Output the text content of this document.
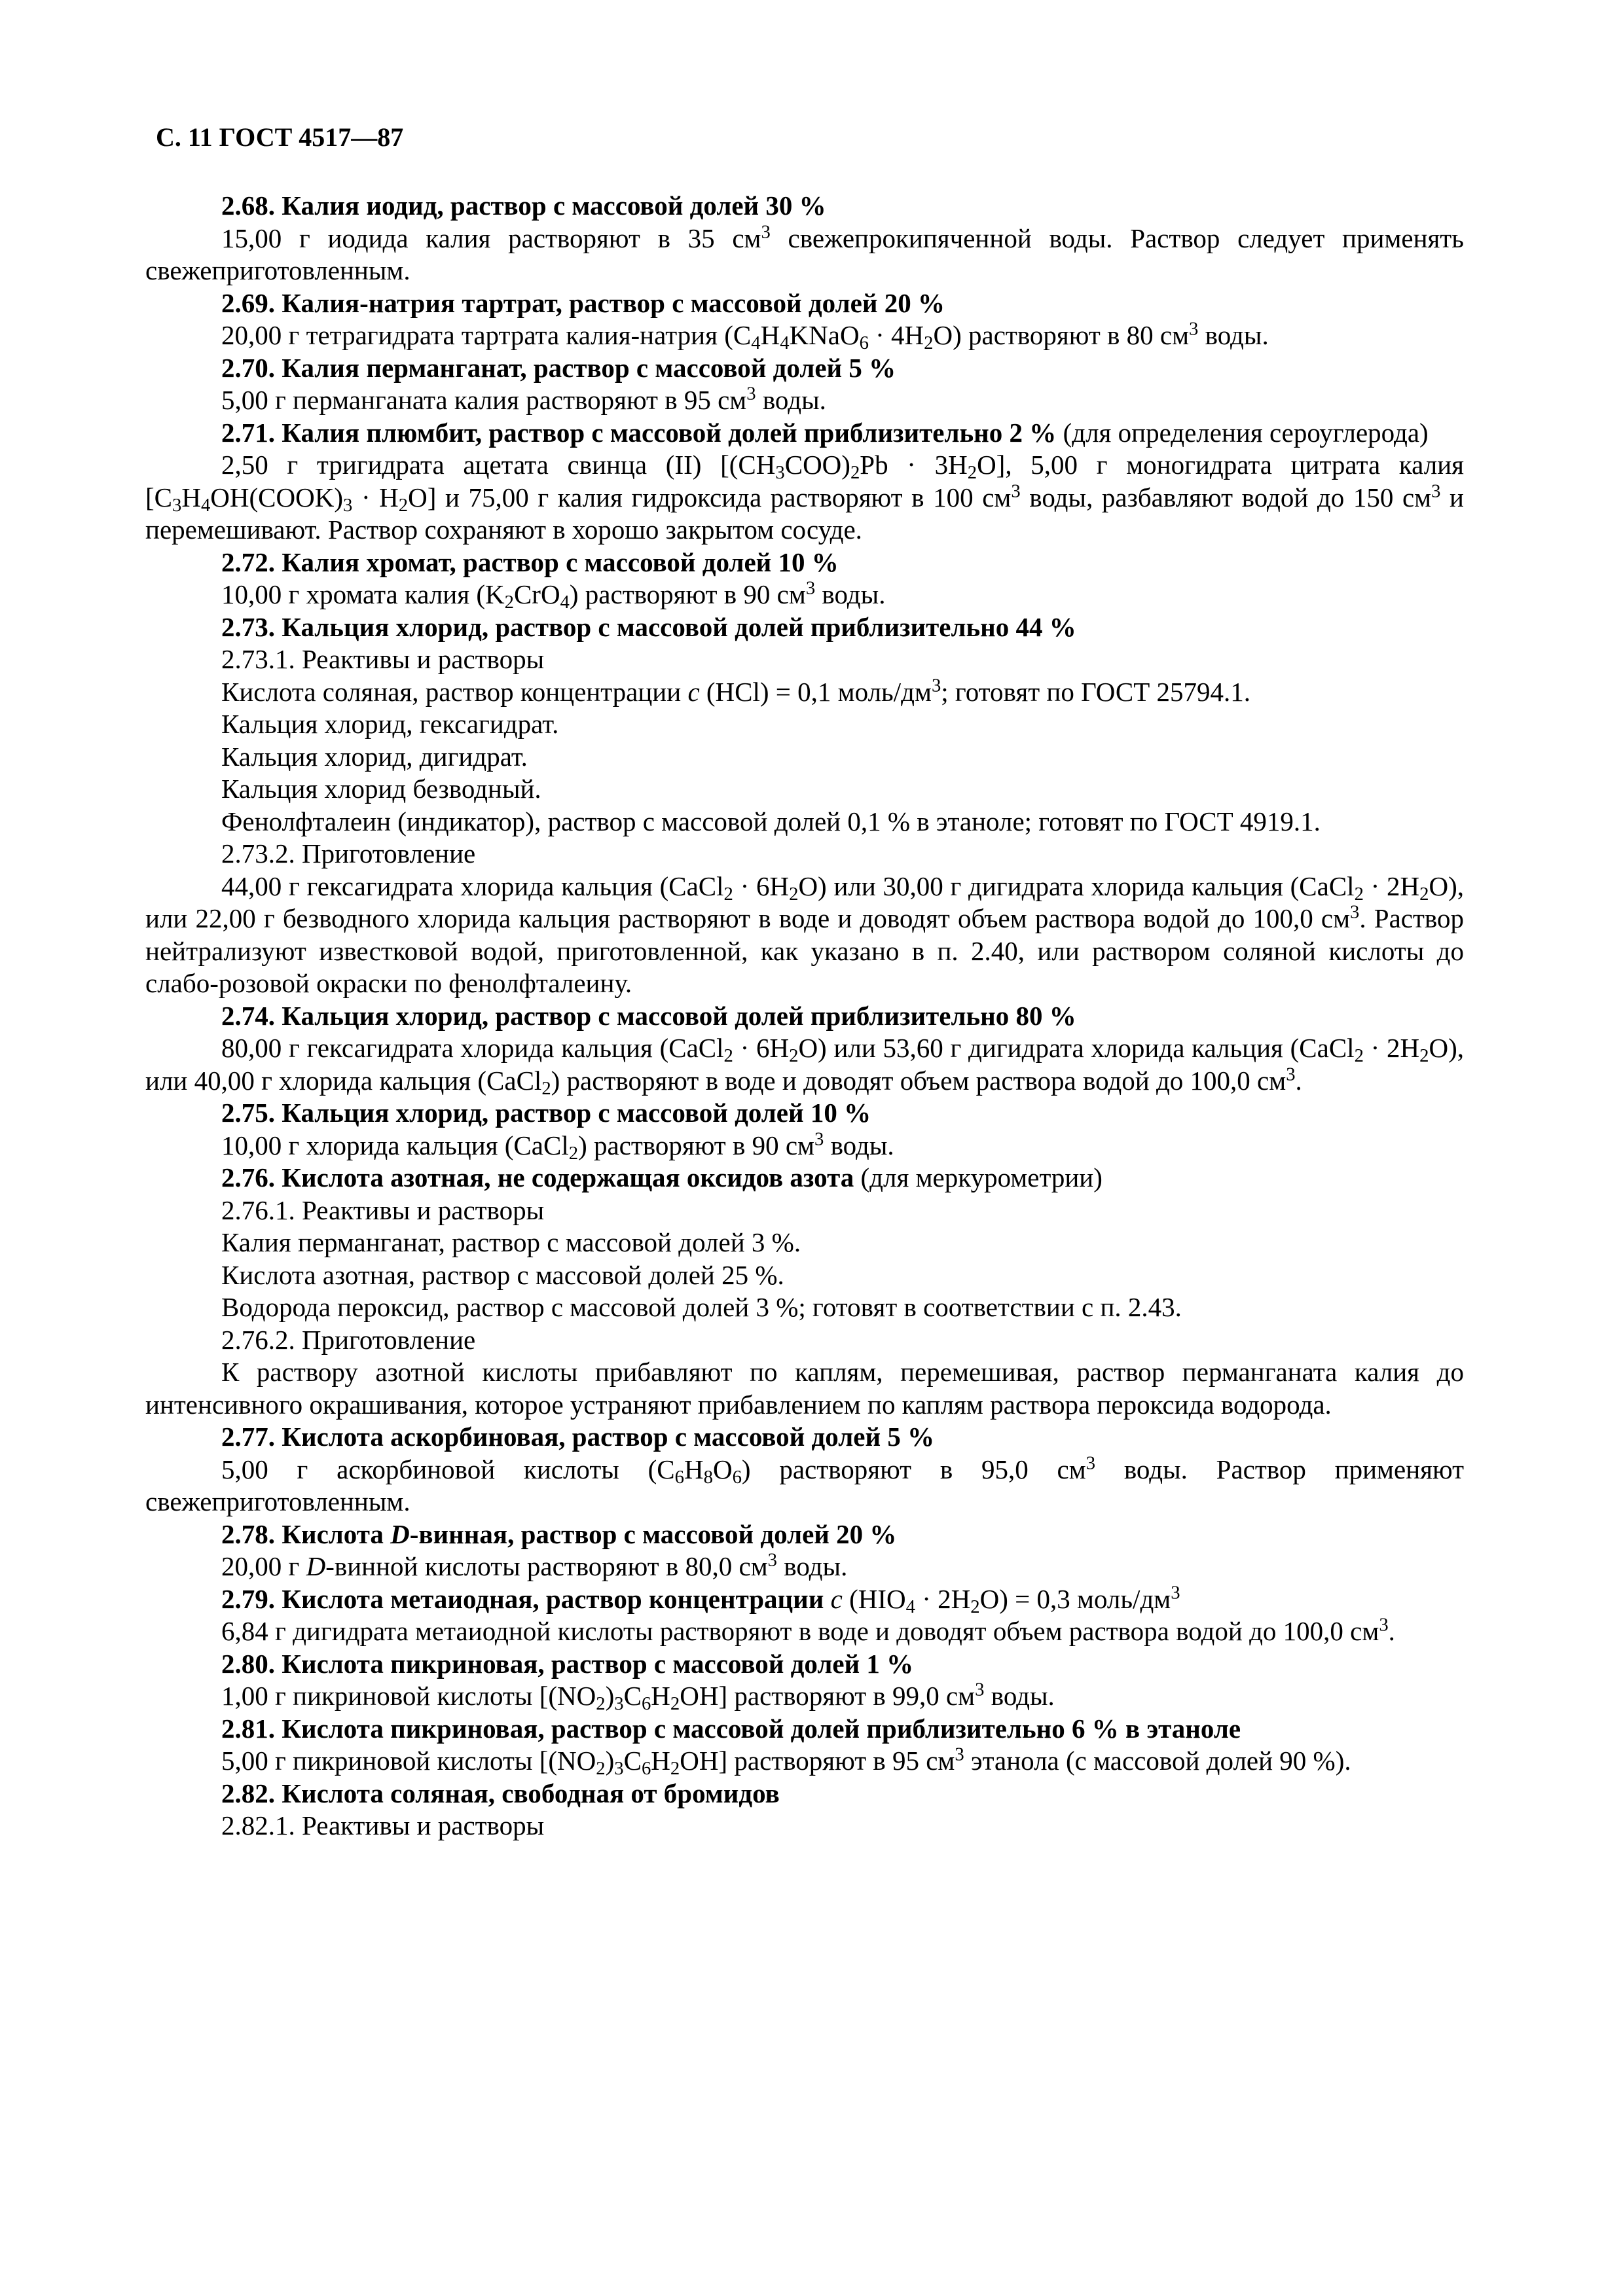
С. 11 ГОСТ 4517—87

2.68. Калия иодид, раствор с массовой долей 30 %

15,00 г иодида калия растворяют в 35 $см^3$ свежепрокипяченной воды. Раствор следует применять свежеприготовленным.

2.69. Калия-натрия тартрат, раствор с массовой долей 20 %

20,00 г тетрагидрата тартрата калия-натрия $(C_4H_4KNaO_6 \cdot 4H_2O)$ растворяют в 80 $см^3$ воды.

2.70. Калия перманганат, раствор с массовой долей 5 %

5,00 г перманганата калия растворяют в 95 $см^3$ воды.

2.71. Калия плюмбит, раствор с массовой долей приблизительно 2 % (для определения сероуглерода)

2,50 г тригидрата ацетата свинца (II) $[(CH_3COO)_2Pb \cdot 3H_2O]$, 5,00 г моногидрата цитрата калия $[C_3H_4OH(COOK)_3 \cdot H_2O]$ и 75,00 г калия гидроксида растворяют в 100 $см^3$ воды, разбавляют водой до 150 $см^3$ и перемешивают. Раствор сохраняют в хорошо закрытом сосуде.

2.72. Калия хромат, раствор с массовой долей 10 %

10,00 г хромата калия $(K_2CrO_4)$ растворяют в 90 $см^3$ воды.

2.73. Кальция хлорид, раствор с массовой долей приблизительно 44 %

2.73.1. Реактивы и растворы

Кислота соляная, раствор концентрации c (HCl) = 0,1 моль/$дм^3$; готовят по ГОСТ 25794.1.

Кальция хлорид, гексагидрат.

Кальция хлорид, дигидрат.

Кальция хлорид безводный.

Фенолфталеин (индикатор), раствор с массовой долей 0,1 % в этаноле; готовят по ГОСТ 4919.1.

2.73.2. Приготовление

44,00 г гексагидрата хлорида кальция (CaCl$_2$ · $6H_2O$) или 30,00 г дигидрата хлорида кальция (CaCl$_2$ · $2H_2O$), или 22,00 г безводного хлорида кальция растворяют в воде и доводят объем раствора водой до 100,0 $см^3$. Раствор нейтрализуют известковой водой, приготовленной, как указано в п. 2.40, или раствором соляной кислоты до слабо-розовой окраски по фенолфталеину.

2.74. Кальция хлорид, раствор с массовой долей приблизительно 80 %

80,00 г гексагидрата хлорида кальция (CaCl$_2$ · $6H_2O$) или 53,60 г дигидрата хлорида кальция (CaCl$_2$ · $2H_2O$), или 40,00 г хлорида кальция (CaCl$_2$) растворяют в воде и доводят объем раствора водой до 100,0 $см^3$.

2.75. Кальция хлорид, раствор с массовой долей 10 %

10,00 г хлорида кальция (CaCl$_2$) растворяют в 90 $см^3$ воды.

2.76. Кислота азотная, не содержащая оксидов азота (для меркурометрии)

2.76.1. Реактивы и растворы

Калия перманганат, раствор с массовой долей 3 %.

Кислота азотная, раствор с массовой долей 25 %.

Водорода пероксид, раствор с массовой долей 3 %; готовят в соответствии с п. 2.43.

2.76.2. Приготовление

К раствору азотной кислоты прибавляют по каплям, перемешивая, раствор перманганата калия до интенсивного окрашивания, которое устраняют прибавлением по каплям раствора пероксида водорода.

2.77. Кислота аскорбиновая, раствор с массовой долей 5 %

5,00 г аскорбиновой кислоты $(C_6H_8O_6)$ растворяют в 95,0 $см^3$ воды. Раствор применяют свежеприготовленным.

2.78. Кислота D-винная, раствор с массовой долей 20 %

20,00 г D-винной кислоты растворяют в 80,0 $см^3$ воды.

2.79. Кислота метаиодная, раствор концентрации c $(HIO_4 \cdot 2H_2O) = 0,3$ моль/$дм^3$

6,84 г дигидрата метаиодной кислоты растворяют в воде и доводят объем раствора водой до 100,0 $см^3$.

2.80. Кислота пикриновая, раствор с массовой долей 1 %

1,00 г пикриновой кислоты $[(NO_2)_3C_6H_2OH]$ растворяют в 99,0 $см^3$ воды.

2.81. Кислота пикриновая, раствор с массовой долей приблизительно 6 % в этаноле

5,00 г пикриновой кислоты $[(NO_2)_3C_6H_2OH]$ растворяют в 95 $см^3$ этанола (с массовой долей 90 %).

2.82. Кислота соляная, свободная от бромидов

2.82.1. Реактивы и растворы
